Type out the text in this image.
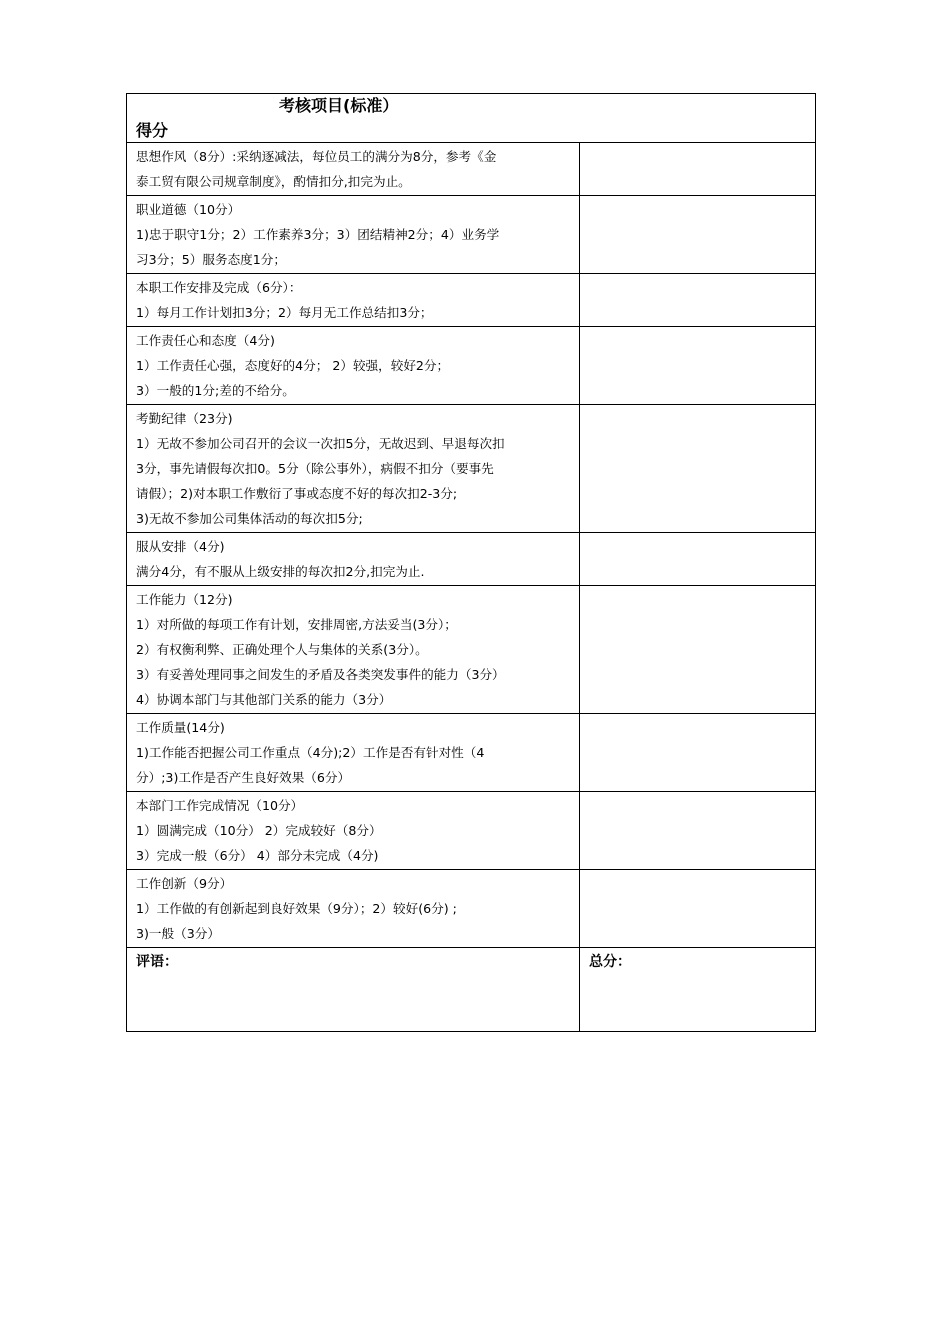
考核项目(标准）
得分	

思想作风（8分）:采纳逐减法，每位员工的满分为8分，参考《金
泰工贸有限公司规章制度》，酌情扣分,扣完为止。	

职业道德（10分）
1)忠于职守1分；2）工作素养3分；3）团结精神2分；4）业务学
习3分；5）服务态度1分；	

本职工作安排及完成（6分）：
1）每月工作计划扣3分；2）每月无工作总结扣3分；	

工作责任心和态度（4分)
1）工作责任心强，态度好的4分； 2）较强，较好2分；
3）一般的1分;差的不给分。	

考勤纪律（23分)
1）无故不参加公司召开的会议一次扣5分，无故迟到、早退每次扣
3分，事先请假每次扣0。5分（除公事外），病假不扣分（要事先
请假）；2)对本职工作敷衍了事或态度不好的每次扣2-3分;
3)无故不参加公司集体活动的每次扣5分;	

服从安排（4分)
满分4分，有不服从上级安排的每次扣2分,扣完为止.	

工作能力（12分)
1）对所做的每项工作有计划，安排周密,方法妥当(3分）；
2）有权衡利弊、正确处理个人与集体的关系(3分）。
3）有妥善处理同事之间发生的矛盾及各类突发事件的能力（3分）
4）协调本部门与其他部门关系的能力（3分）	

工作质量(14分)
1)工作能否把握公司工作重点（4分);2）工作是否有针对性（4
分）;3)工作是否产生良好效果（6分）	

本部门工作完成情况（10分）
1）圆满完成（10分） 2）完成较好（8分）
3）完成一般（6分） 4）部分未完成（4分)	

工作创新（9分）
1）工作做的有创新起到良好效果（9分）；2）较好(6分) ;
3)一般（3分）	

评语：	总分：
